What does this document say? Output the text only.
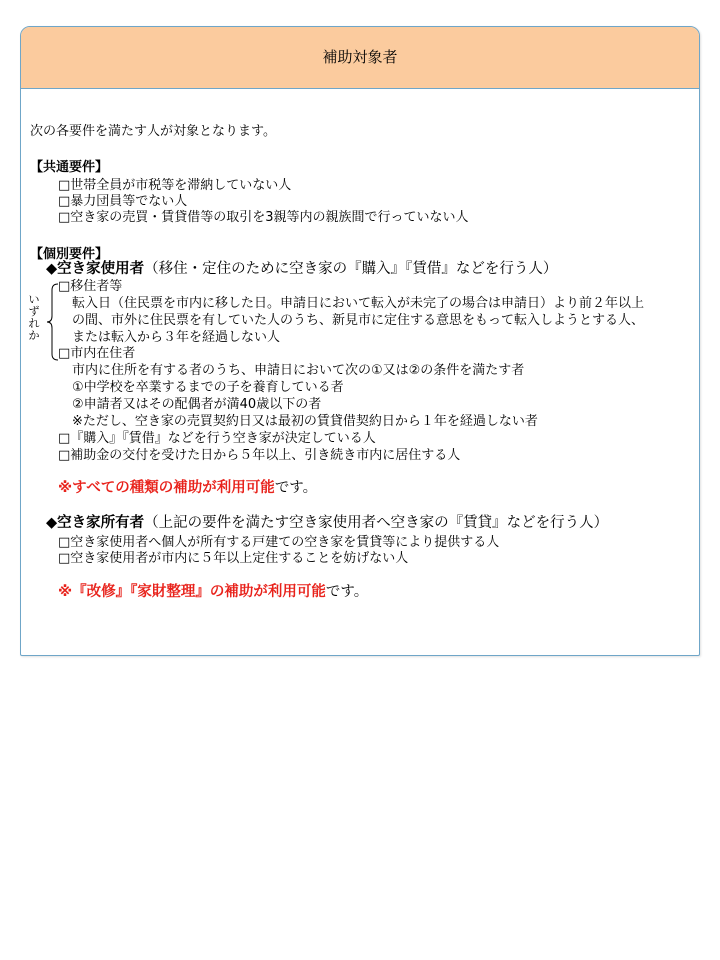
補助対象者
次の各要件を満たす人が対象となります。
【共通要件】
□世帯全員が市税等を滞納していない人
□暴力団員等でない人
□空き家の売買・賃貸借等の取引を3親等内の親族間で行っていない人
【個別要件】
◆空き家使用者（移住・定住のために空き家の『購入』『賃借』などを行う人）
いずれか
□移住者等
転入日（住民票を市内に移した日。申請日において転入が未完了の場合は申請日）より前２年以上
の間、市外に住民票を有していた人のうち、新見市に定住する意思をもって転入しようとする人、
または転入から３年を経過しない人
□市内在住者
市内に住所を有する者のうち、申請日において次の①又は②の条件を満たす者
①中学校を卒業するまでの子を養育している者
②申請者又はその配偶者が満40歳以下の者
※ただし、空き家の売買契約日又は最初の賃貸借契約日から１年を経過しない者
□『購入』『賃借』などを行う空き家が決定している人
□補助金の交付を受けた日から５年以上、引き続き市内に居住する人
※すべての種類の補助が利用可能です。
◆空き家所有者（上記の要件を満たす空き家使用者へ空き家の『賃貸』などを行う人）
□空き家使用者へ個人が所有する戸建ての空き家を賃貸等により提供する人
□空き家使用者が市内に５年以上定住することを妨げない人
※『改修』『家財整理』の補助が利用可能です。
